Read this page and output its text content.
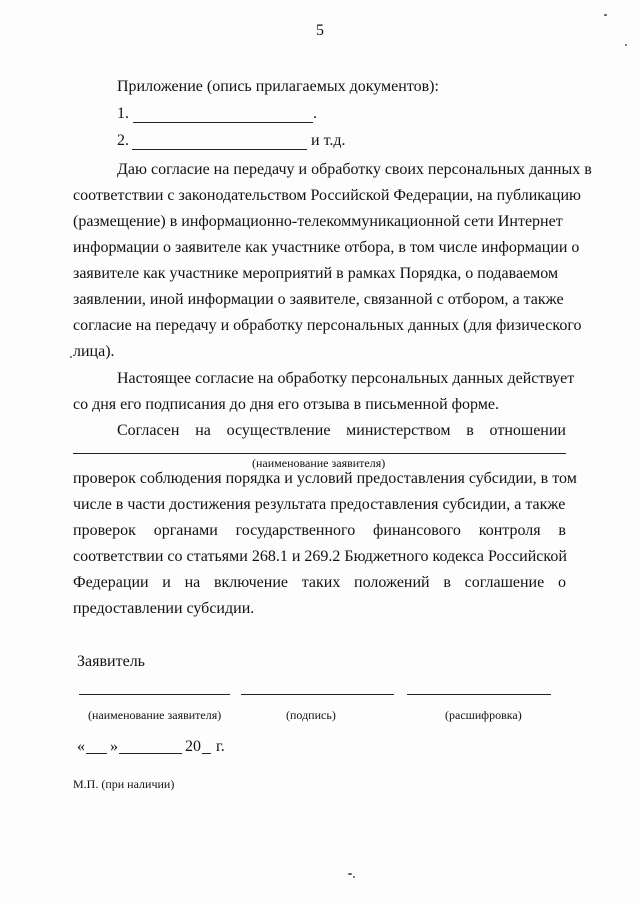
5
Приложение (опись прилагаемых документов):
1.	.
2.	и т.д.
Даю согласие на передачу и обработку своих персональных данных в
соответствии с законодательством Российской Федерации, на публикацию
(размещение) в информационно-телекоммуникационной сети Интернет
информации о заявителе как участнике отбора, в том числе информации о
заявителе как участнике мероприятий в рамках Порядка, о подаваемом
заявлении, иной информации о заявителе, связанной с отбором, а также
согласие на передачу и обработку персональных данных (для физического
лица).
Настоящее согласие на обработку персональных данных действует
со дня его подписания до дня его отзыва в письменной форме.
Согласен на осуществление министерством в отношении
(наименование заявителя)
проверок соблюдения порядка и условий предоставления субсидии, в том
числе в части достижения результата предоставления субсидии, а также
проверок органами государственного финансового контроля в
соответствии со статьями 268.1 и 269.2 Бюджетного кодекса Российской
Федерации и на включение таких положений в соглашение о
предоставлении субсидии.
Заявитель
(наименование заявителя)	(подпись)	(расшифровка)
« »	20 г.
М.П. (при наличии)
